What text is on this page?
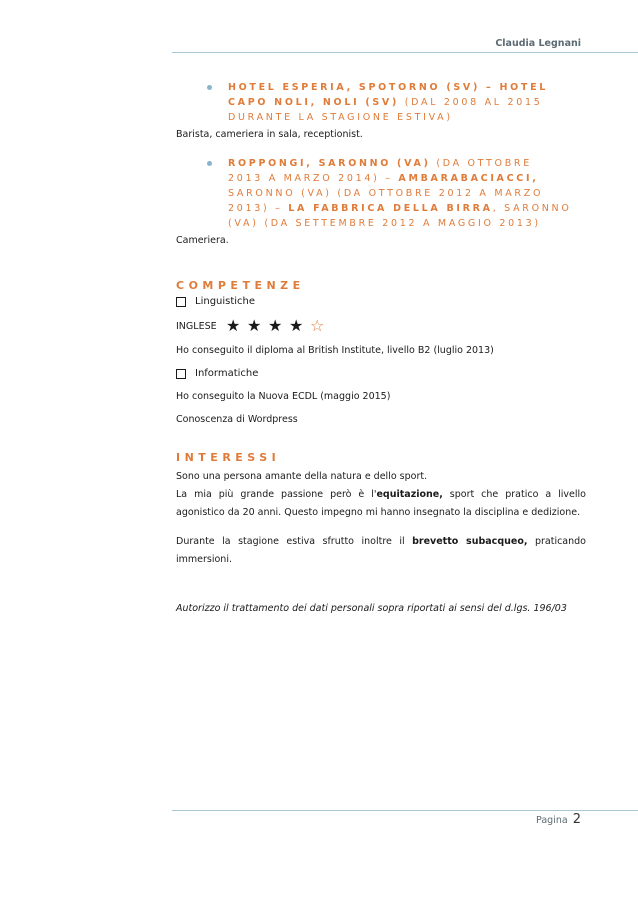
Claudia Legnani
HOTEL ESPERIA, SPOTORNO (SV) – HOTEL CAPO NOLI, NOLI (SV) (DAL 2008 AL 2015 DURANTE LA STAGIONE ESTIVA)
Barista, cameriera in sala, receptionist.
ROPPONGI, SARONNO (VA) (DA OTTOBRE 2013 A MARZO 2014) – AMBARABACIACCI, SARONNO (VA) (DA OTTOBRE 2012 A MARZO 2013) – LA FABBRICA DELLA BIRRA, SARONNO (VA) (DA SETTEMBRE 2012 A MAGGIO 2013)
Cameriera.
COMPETENZE
Linguistiche
INGLESE ★ ★ ★ ★ ☆
Ho conseguito il diploma al British Institute, livello B2 (luglio 2013)
Informatiche
Ho conseguito la Nuova ECDL (maggio 2015)
Conoscenza di Wordpress
INTERESSI
Sono una persona amante della natura e dello sport.
La mia più grande passione però è l'equitazione, sport che pratico a livello agonistico da 20 anni. Questo impegno mi hanno insegnato la disciplina e dedizione.
Durante la stagione estiva sfrutto inoltre il brevetto subacqueo, praticando immersioni.
Autorizzo il trattamento dei dati personali sopra riportati ai sensi del d.lgs. 196/03
Pagina 2
